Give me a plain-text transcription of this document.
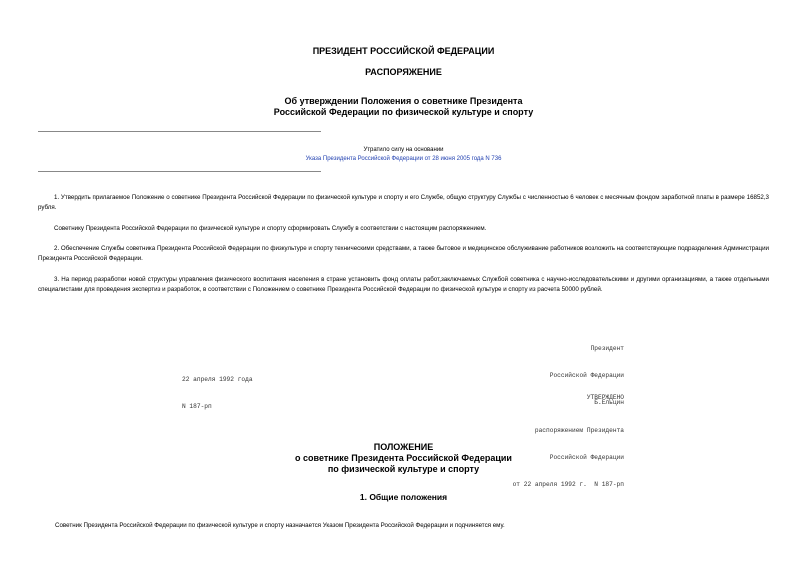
ПРЕЗИДЕНТ РОССИЙСКОЙ ФЕДЕРАЦИИ
РАСПОРЯЖЕНИЕ
Об утверждении Положения о советнике Президента
Российской Федерации по физической культуре и спорту
Утратило силу на основании
Указа Президента Российской Федерации от 28 июня 2005 года N 736
1. Утвердить прилагаемое Положение о советнике Президента Российской Федерации по физической культуре и спорту и его Службе, общую структуру Службы с численностью 6 человек с месячным фондом заработной платы в размере 16852,3 рубля.
Советнику Президента Российской Федерации по физической культуре и спорту сформировать Службу в соответствии с настоящим распоряжением.
2. Обеспечение Службы советника Президента Российской Федерации по физкультуре и спорту техническими средствами, а также бытовое и медицинское обслуживание работников возложить на соответствующие подразделения Администрации Президента Российской Федерации.
3. На период разработки новой структуры управления физического воспитания населения в стране установить фонд оплаты работ,заключаемых Службой советника с научно-исследовательскими и другими организациями, а также отдельными специалистами для проведения экспертиз и разработок, в соответствии с Положением о советнике Президента Российской Федерации по физической культуре и спорту из расчета 50000 рублей.

Президент

Российской Федерации

Б.Ельцин

22 апреля 1992 года

N 187-рп

УТВЕРЖДЕНО

распоряжением Президента

Российской Федерации

от 22 апреля 1992 г.  N 187-рп

ПОЛОЖЕНИЕ
о советнике Президента Российской Федерации
по физической культуре и спорту
1. Общие положения
Советник Президента Российской Федерации по физической культуре и спорту назначается Указом Президента Российской Федерации и подчиняется ему.
